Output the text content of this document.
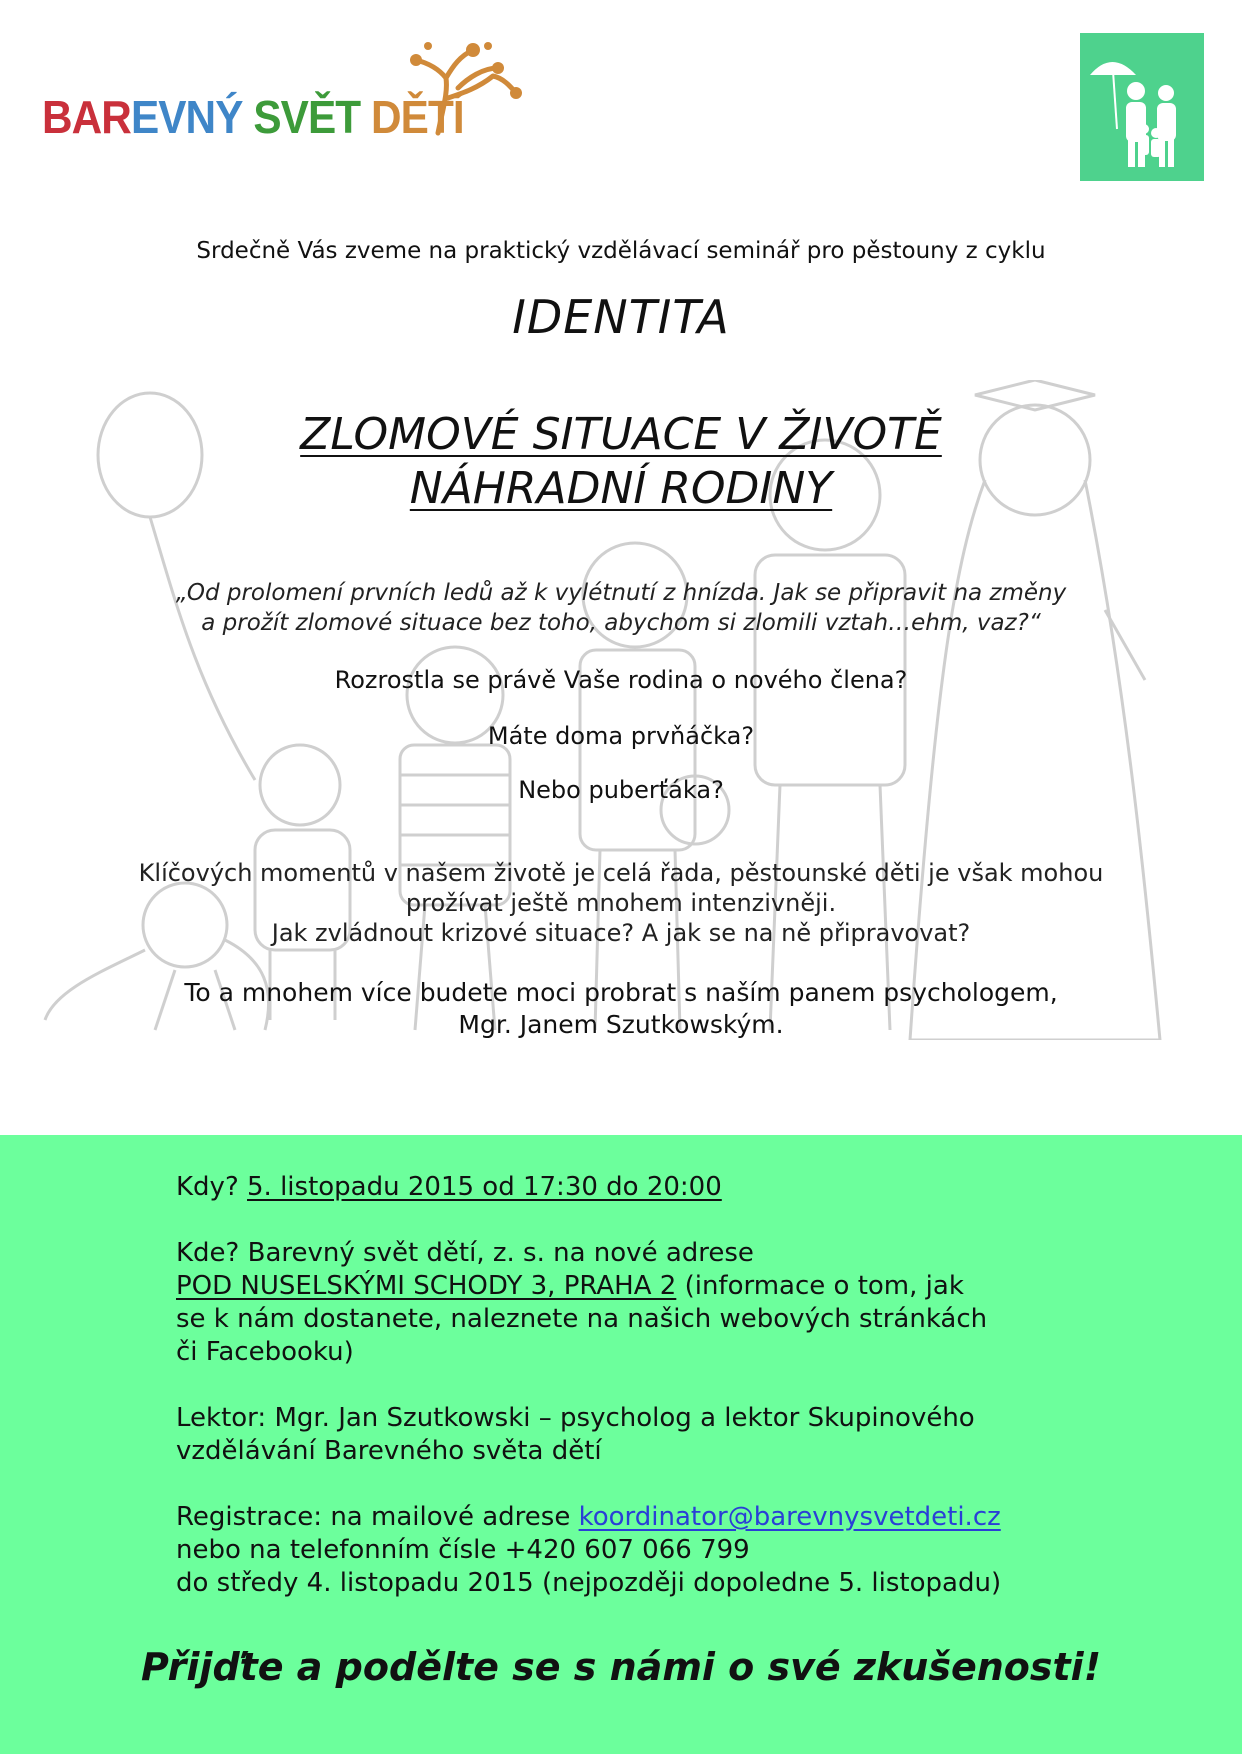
BAREVNÝ SVĚT DĚTÍ
Srdečně Vás zveme na praktický vzdělávací seminář pro pěstouny z cyklu
IDENTITA
ZLOMOVÉ SITUACE V ŽIVOTĚ
NÁHRADNÍ RODINY
„Od prolomení prvních ledů až k vylétnutí z hnízda. Jak se připravit na změny
a prožít zlomové situace bez toho, abychom si zlomili vztah…ehm, vaz?“
Rozrostla se právě Vaše rodina o nového člena?
Máte doma prvňáčka?
Nebo puberťáka?
Klíčových momentů v našem životě je celá řada, pěstounské děti je však mohou
prožívat ještě mnohem intenzivněji.
Jak zvládnout krizové situace? A jak se na ně připravovat?
To a mnohem více budete moci probrat s naším panem psychologem,
Mgr. Janem Szutkowským.

Kdy? 5. listopadu 2015 od 17:30 do 20:00

Kde? Barevný svět dětí, z. s. na nové adrese
POD NUSELSKÝMI SCHODY 3, PRAHA 2 (informace o tom, jak
se k nám dostanete, naleznete na našich webových stránkách
či Facebooku)

Lektor: Mgr. Jan Szutkowski – psycholog a lektor Skupinového
vzdělávání Barevného světa dětí

Registrace: na mailové adrese koordinator@barevnysvetdeti.cz
nebo na telefonním čísle +420 607 066 799
do středy 4. listopadu 2015 (nejpozději dopoledne 5. listopadu)

Přijďte a podělte se s námi o své zkušenosti!
